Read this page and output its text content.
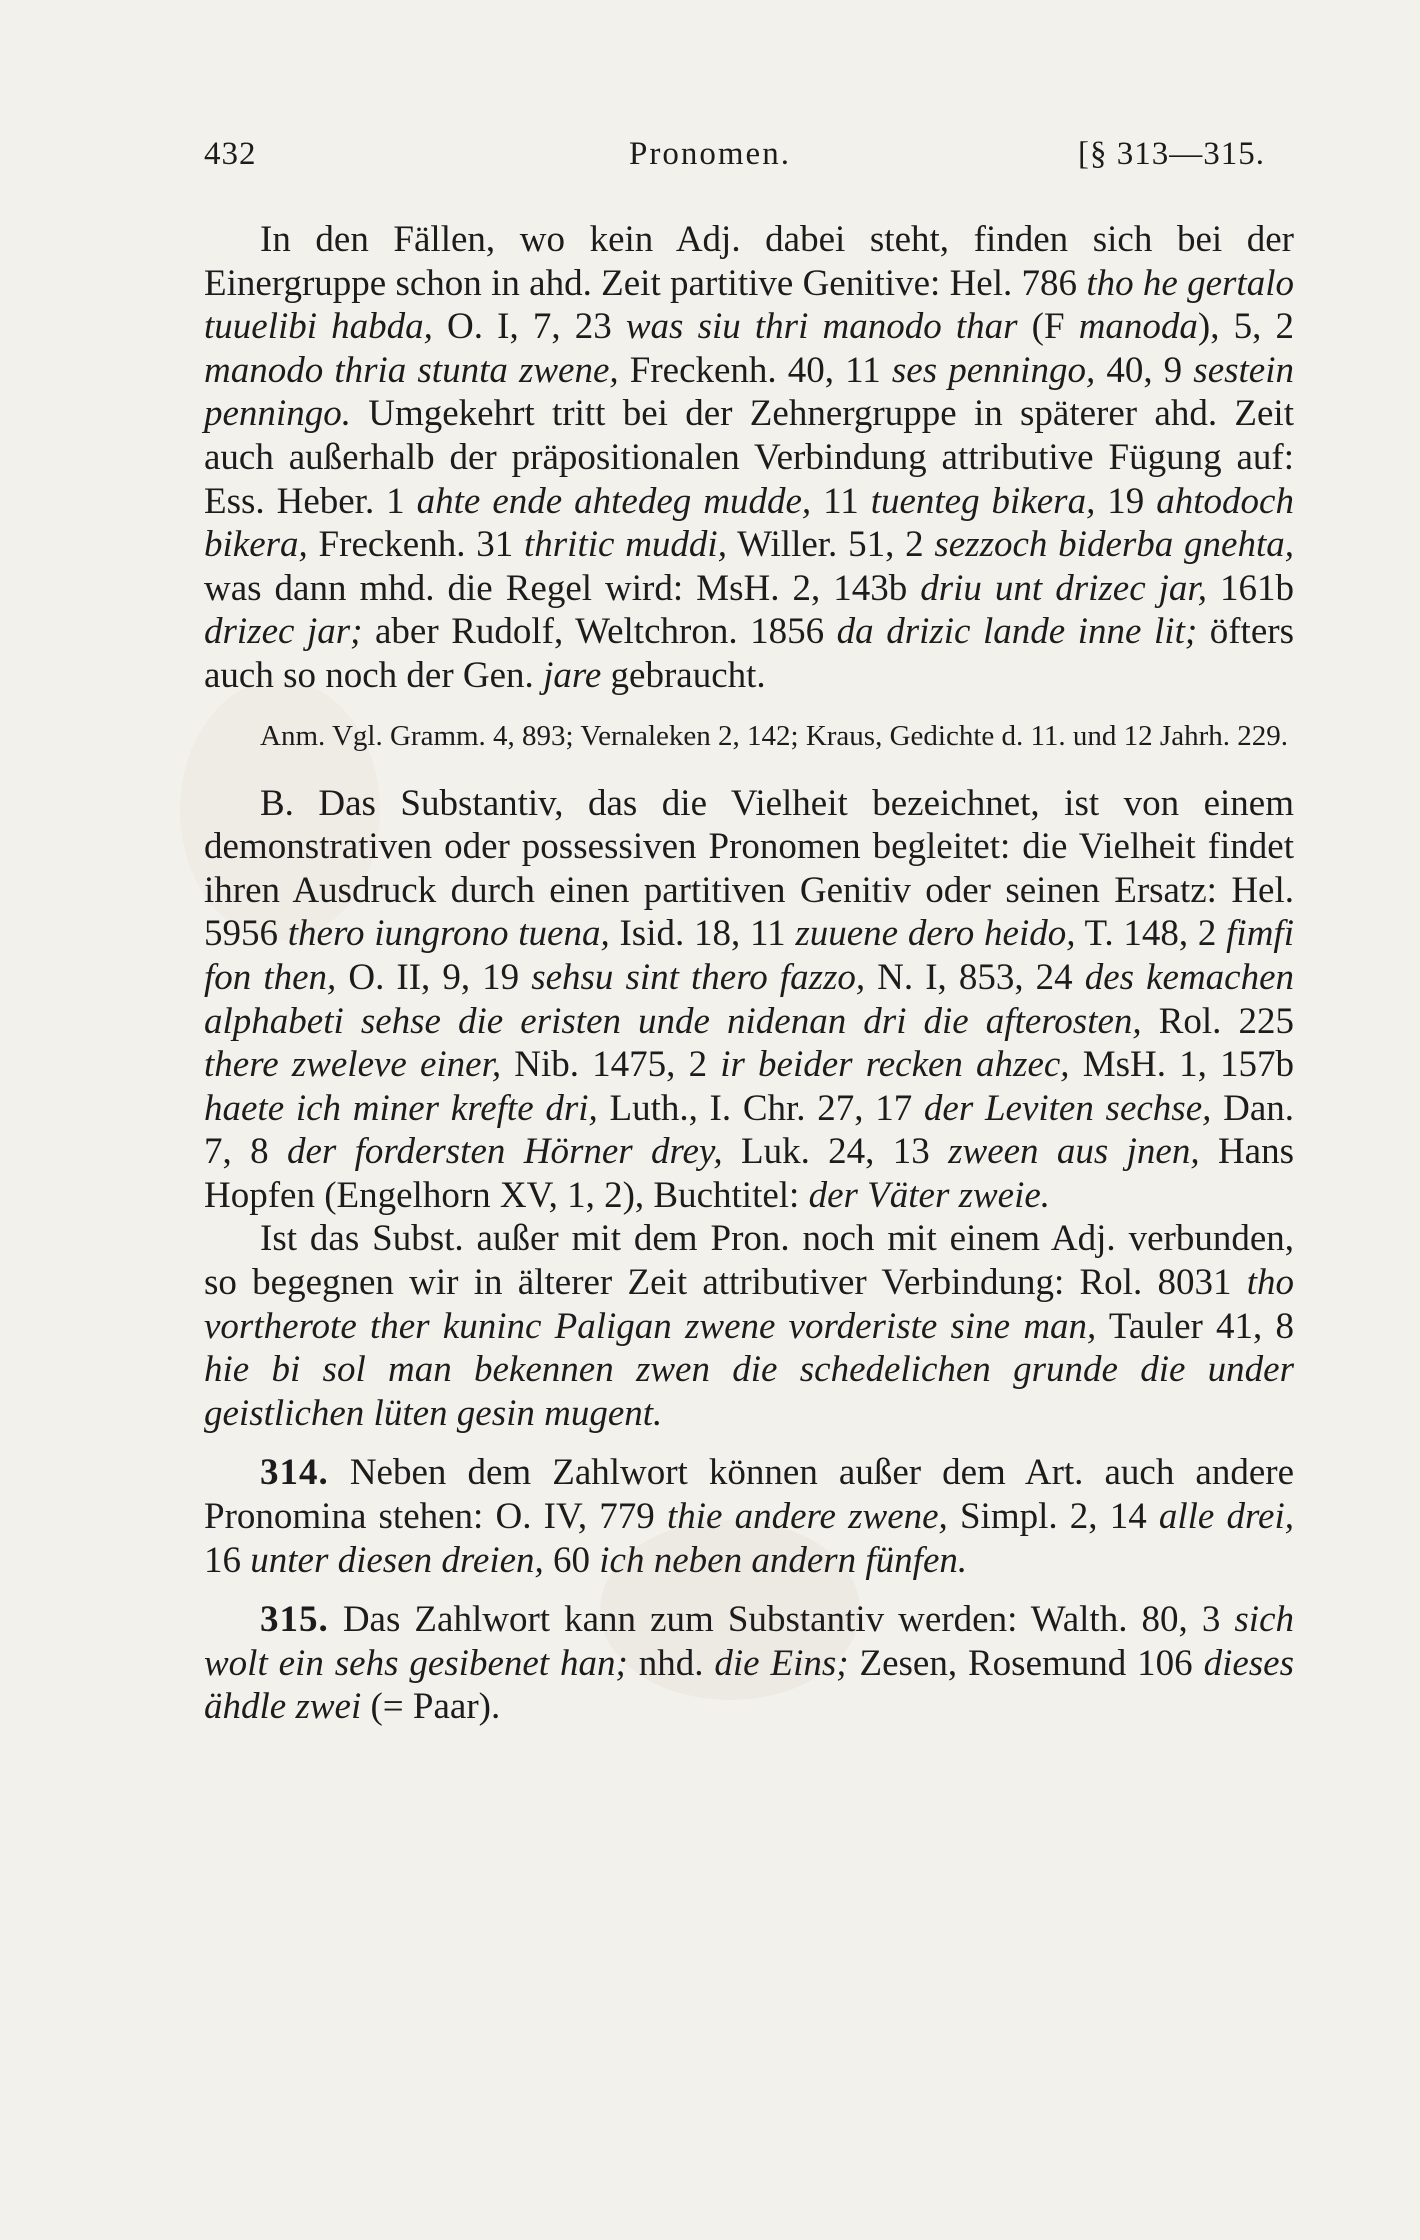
432	Pronomen.	[§ 313—315.

In den Fällen, wo kein Adj. dabei steht, finden sich bei der Einergruppe schon in ahd. Zeit partitive Genitive: Hel. 786 tho he gertalo tuuelibi habda, O. I, 7, 23 was siu thri manodo thar (F manoda), 5, 2 manodo thria stunta zwene, Freckenh. 40, 11 ses penningo, 40, 9 sestein penningo. Umgekehrt tritt bei der Zehnergruppe in späterer ahd. Zeit auch außerhalb der präpositionalen Verbindung attributive Fügung auf: Ess. Heber. 1 ahte ende ahtedeg mudde, 11 tuenteg bikera, 19 ahtodoch bikera, Freckenh. 31 thritic muddi, Willer. 51, 2 sezzoch biderba gnehta, was dann mhd. die Regel wird: MsH. 2, 143b driu unt drizec jar, 161b drizec jar; aber Rudolf, Weltchron. 1856 da drizic lande inne lit; öfters auch so noch der Gen. jare gebraucht.

Anm. Vgl. Gramm. 4, 893; Vernaleken 2, 142; Kraus, Gedichte d. 11. und 12 Jahrh. 229.

B. Das Substantiv, das die Vielheit bezeichnet, ist von einem demonstrativen oder possessiven Pronomen begleitet: die Vielheit findet ihren Ausdruck durch einen partitiven Genitiv oder seinen Ersatz: Hel. 5956 thero iungrono tuena, Isid. 18, 11 zuuene dero heido, T. 148, 2 fimfi fon then, O. II, 9, 19 sehsu sint thero fazzo, N. I, 853, 24 des kemachen alphabeti sehse die eristen unde nidenan dri die afterosten, Rol. 225 there zweleve einer, Nib. 1475, 2 ir beider recken ahzec, MsH. 1, 157b haete ich miner krefte dri, Luth., I. Chr. 27, 17 der Leviten sechse, Dan. 7, 8 der fordersten Hörner drey, Luk. 24, 13 zween aus jnen, Hans Hopfen (Engelhorn XV, 1, 2), Buchtitel: der Väter zweie.

Ist das Subst. außer mit dem Pron. noch mit einem Adj. verbunden, so begegnen wir in älterer Zeit attributiver Verbindung: Rol. 8031 tho vortherote ther kuninc Paligan zwene vorderiste sine man, Tauler 41, 8 hie bi sol man bekennen zwen die schedelichen grunde die under geistlichen lüten gesin mugent.

314. Neben dem Zahlwort können außer dem Art. auch andere Pronomina stehen: O. IV, 779 thie andere zwene, Simpl. 2, 14 alle drei, 16 unter diesen dreien, 60 ich neben andern fünfen.

315. Das Zahlwort kann zum Substantiv werden: Walth. 80, 3 sich wolt ein sehs gesibenet han; nhd. die Eins; Zesen, Rosemund 106 dieses ähdle zwei (= Paar).
